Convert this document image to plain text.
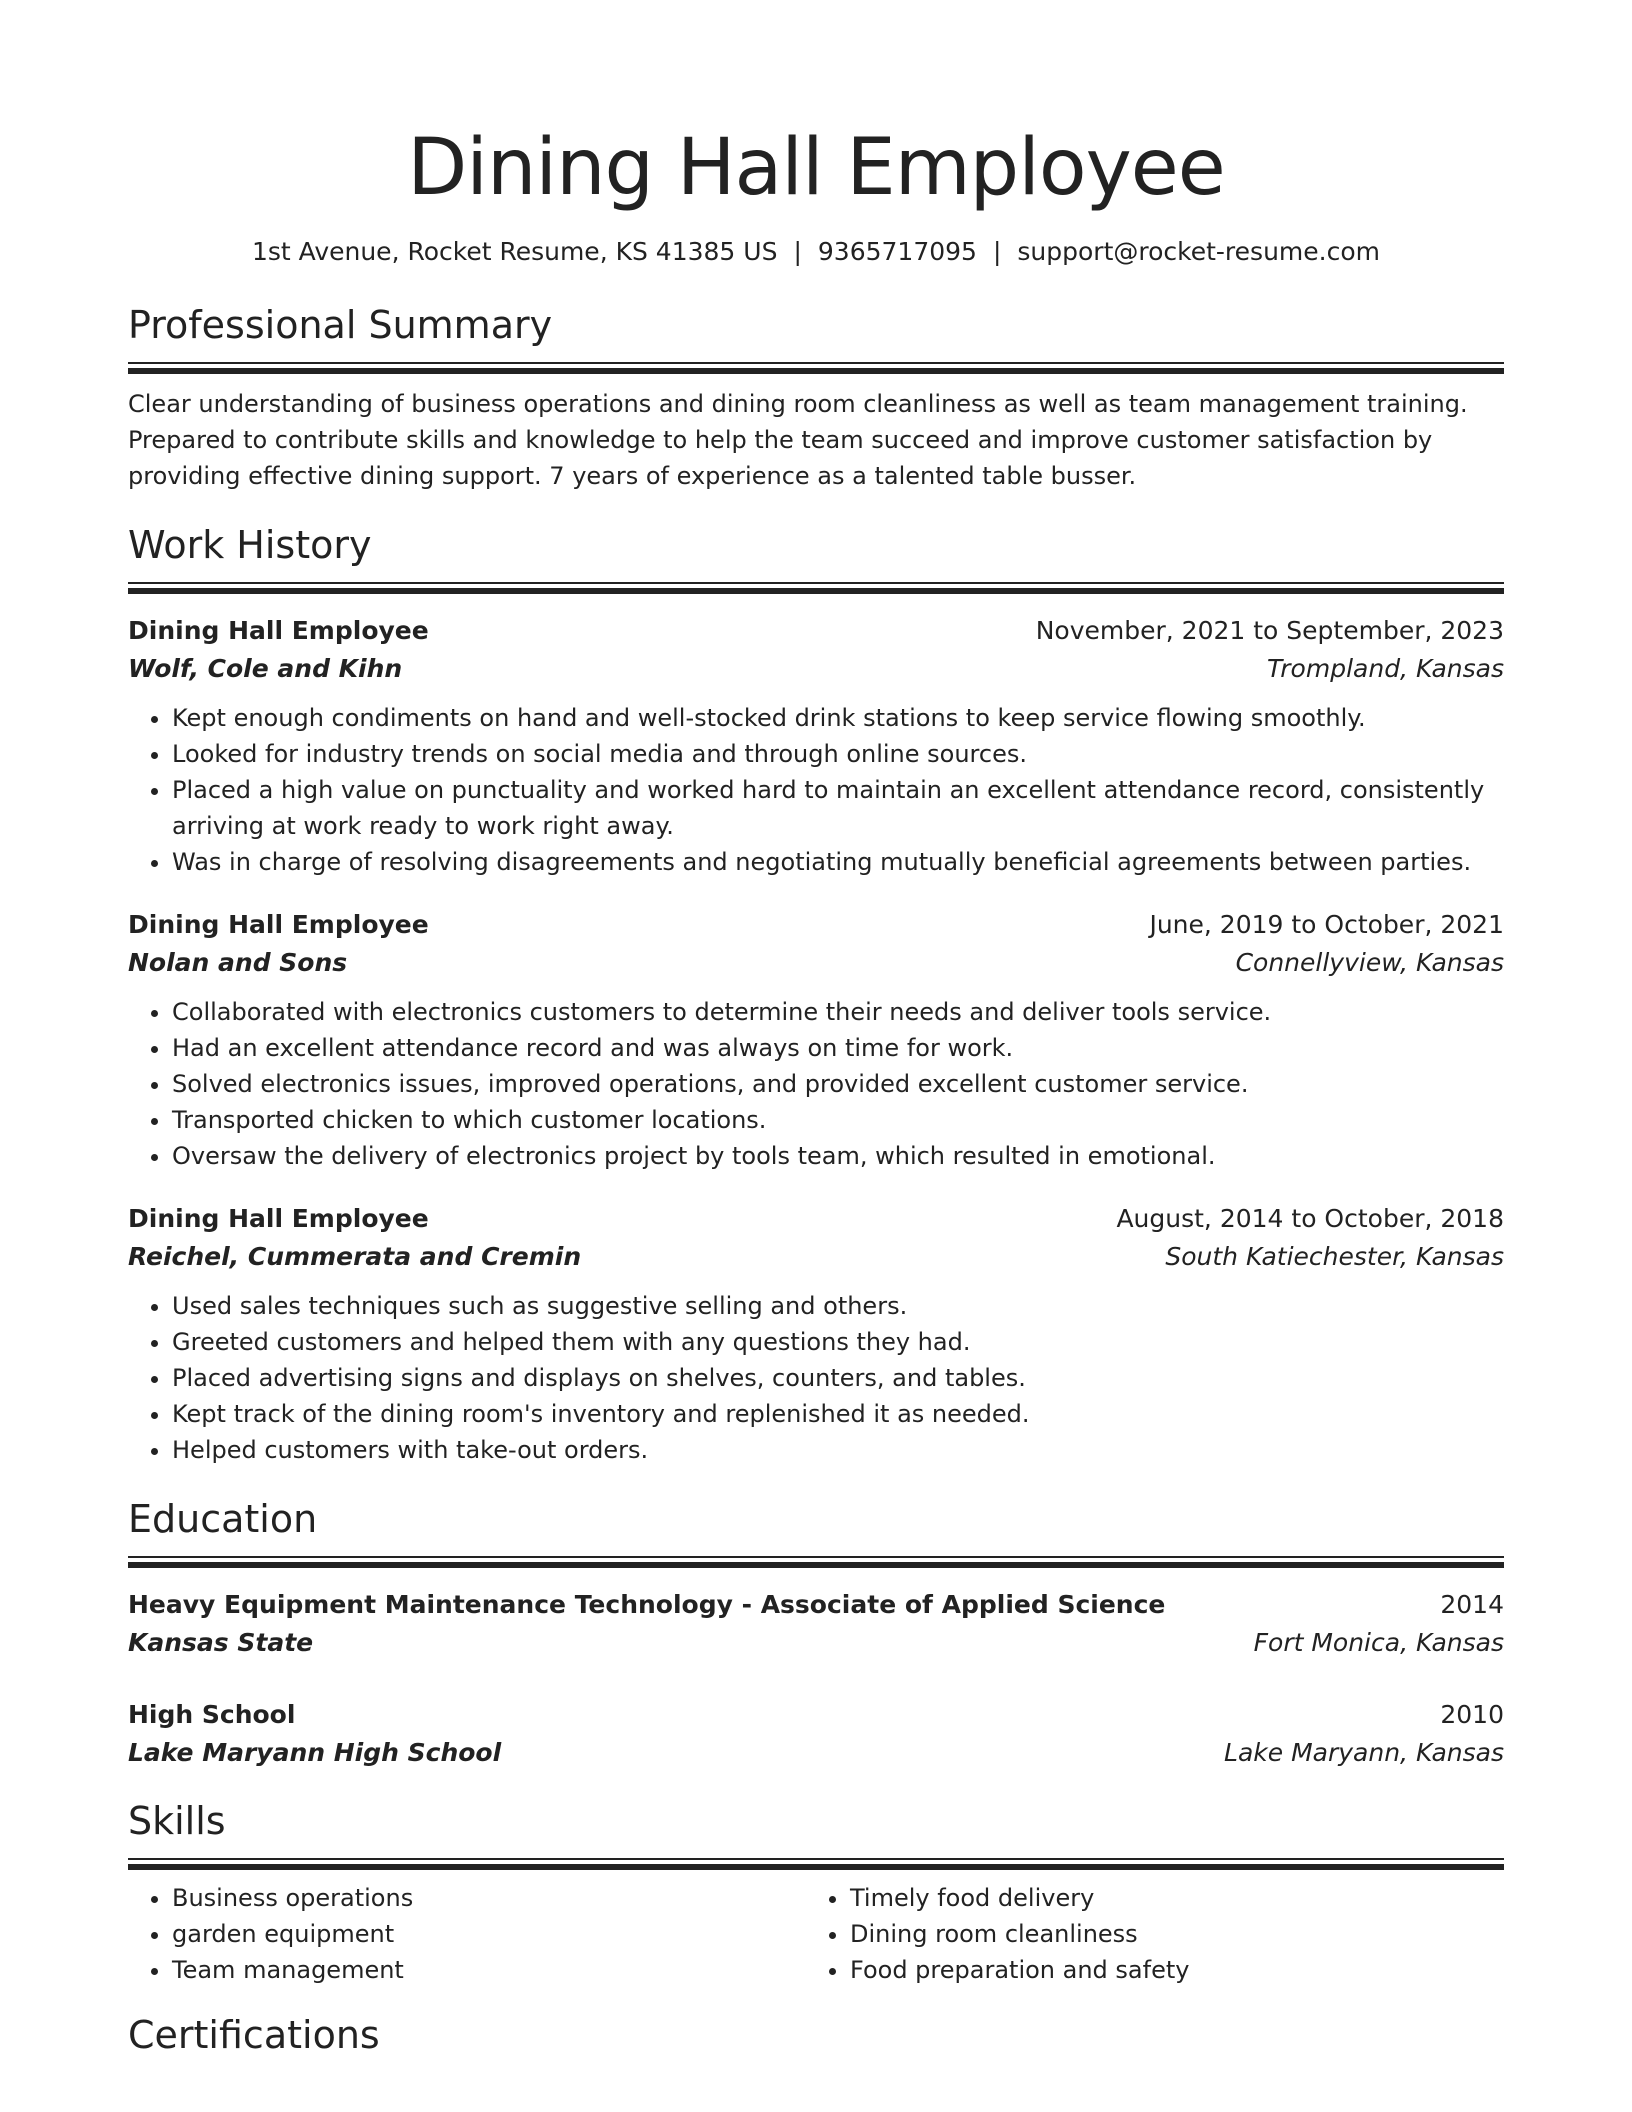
Dining Hall Employee
1st Avenue, Rocket Resume, KS 41385 US | 9365717095 | support@rocket-resume.com
Professional Summary
Clear understanding of business operations and dining room cleanliness as well as team management training. Prepared to contribute skills and knowledge to help the team succeed and improve customer satisfaction by providing effective dining support. 7 years of experience as a talented table busser.
Work History
Dining Hall Employee	November, 2021 to September, 2023
Wolf, Cole and Kihn	Trompland, Kansas
• Kept enough condiments on hand and well-stocked drink stations to keep service flowing smoothly.
• Looked for industry trends on social media and through online sources.
• Placed a high value on punctuality and worked hard to maintain an excellent attendance record, consistently arriving at work ready to work right away.
• Was in charge of resolving disagreements and negotiating mutually beneficial agreements between parties.
Dining Hall Employee	June, 2019 to October, 2021
Nolan and Sons	Connellyview, Kansas
• Collaborated with electronics customers to determine their needs and deliver tools service.
• Had an excellent attendance record and was always on time for work.
• Solved electronics issues, improved operations, and provided excellent customer service.
• Transported chicken to which customer locations.
• Oversaw the delivery of electronics project by tools team, which resulted in emotional.
Dining Hall Employee	August, 2014 to October, 2018
Reichel, Cummerata and Cremin	South Katiechester, Kansas
• Used sales techniques such as suggestive selling and others.
• Greeted customers and helped them with any questions they had.
• Placed advertising signs and displays on shelves, counters, and tables.
• Kept track of the dining room's inventory and replenished it as needed.
• Helped customers with take-out orders.
Education
Heavy Equipment Maintenance Technology - Associate of Applied Science	2014
Kansas State	Fort Monica, Kansas
High School	2010
Lake Maryann High School	Lake Maryann, Kansas
Skills
• Business operations
• garden equipment
• Team management
• Timely food delivery
• Dining room cleanliness
• Food preparation and safety
Certifications
